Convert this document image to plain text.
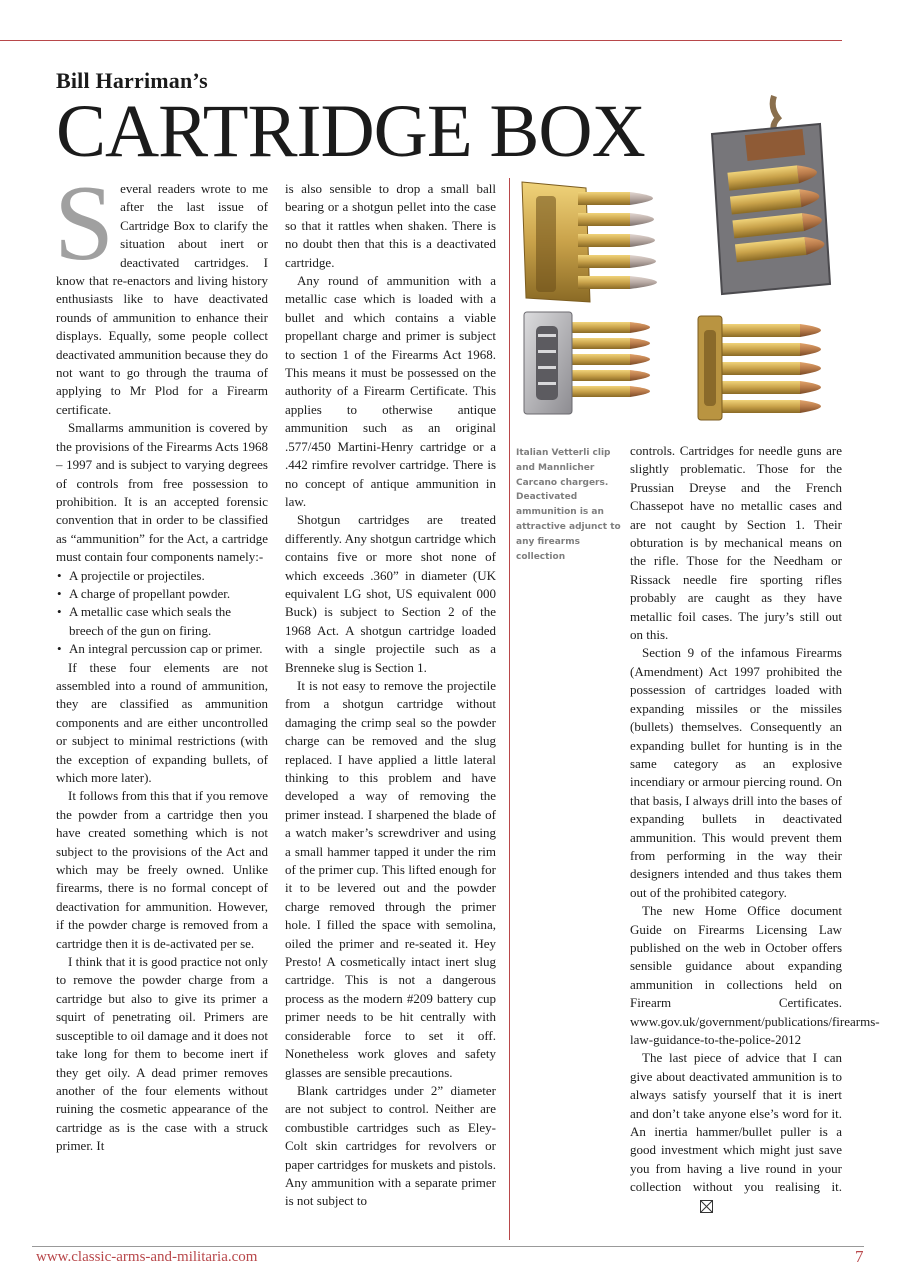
Bill Harriman’s
CARTRIDGE BOX

Several readers wrote to me after the last issue of Cartridge Box to clarify the situation about inert or deactivated cartridges. I know that re-enactors and living history enthusiasts like to have deactivated rounds of ammunition to enhance their displays. Equally, some people collect deactivated ammunition because they do not want to go through the trauma of applying to Mr Plod for a Firearm certificate.

Smallarms ammunition is covered by the provisions of the Firearms Acts 1968 – 1997 and is subject to varying degrees of controls from free possession to prohibition. It is an accepted forensic convention that in order to be classified as “ammunition” for the Act, a cartridge must contain four components namely:-

• A projectile or projectiles.
• A charge of propellant powder.
• A metallic case which seals the breech of the gun on firing.
• An integral percussion cap or primer.

If these four elements are not assembled into a round of ammunition, they are classified as ammunition components and are either uncontrolled or subject to minimal restrictions (with the exception of expanding bullets, of which more later).

It follows from this that if you remove the powder from a cartridge then you have created something which is not subject to the provisions of the Act and which may be freely owned. Unlike firearms, there is no formal concept of deactivation for ammunition. However, if the powder charge is removed from a cartridge then it is de-activated per se.

I think that it is good practice not only to remove the powder charge from a cartridge but also to give its primer a squirt of penetrating oil. Primers are susceptible to oil damage and it does not take long for them to become inert if they get oily. A dead primer removes another of the four elements without ruining the cosmetic appearance of the cartridge as is the case with a struck primer. It

is also sensible to drop a small ball bearing or a shotgun pellet into the case so that it rattles when shaken. There is no doubt then that this is a deactivated cartridge.

Any round of ammunition with a metallic case which is loaded with a bullet and which contains a viable propellant charge and primer is subject to section 1 of the Firearms Act 1968. This means it must be possessed on the authority of a Firearm Certificate. This applies to otherwise antique ammunition such as an original .577/450 Martini-Henry cartridge or a .442 rimfire revolver cartridge. There is no concept of antique ammunition in law.

Shotgun cartridges are treated differently. Any shotgun cartridge which contains five or more shot none of which exceeds .360” in diameter (UK equivalent LG shot, US equivalent 000 Buck) is subject to Section 2 of the 1968 Act. A shotgun cartridge loaded with a single projectile such as a Brenneke slug is Section 1.

It is not easy to remove the projectile from a shotgun cartridge without damaging the crimp seal so the powder charge can be removed and the slug replaced. I have applied a little lateral thinking to this problem and have developed a way of removing the primer instead. I sharpened the blade of a watch maker’s screwdriver and using a small hammer tapped it under the rim of the primer cup. This lifted enough for it to be levered out and the powder charge removed through the primer hole. I filled the space with semolina, oiled the primer and re-seated it. Hey Presto! A cosmetically intact inert slug cartridge. This is not a dangerous process as the modern #209 battery cup primer needs to be hit centrally with considerable force to set it off. Nonetheless work gloves and safety glasses are sensible precautions.

Blank cartridges under 2” diameter are not subject to control. Neither are combustible cartridges such as Eley-Colt skin cartridges for revolvers or paper cartridges for muskets and pistols. Any ammunition with a separate primer is not subject to

Italian Vetterli clip and Mannlicher Carcano chargers. Deactivated ammunition is an attractive adjunct to any firearms collection

controls. Cartridges for needle guns are slightly problematic. Those for the Prussian Dreyse and the French Chassepot have no metallic cases and are not caught by Section 1. Their obturation is by mechanical means on the rifle. Those for the Needham or Rissack needle fire sporting rifles probably are caught as they have metallic foil cases. The jury’s still out on this.

Section 9 of the infamous Firearms (Amendment) Act 1997 prohibited the possession of cartridges loaded with expanding missiles or the missiles (bullets) themselves. Consequently an expanding bullet for hunting is in the same category as an explosive incendiary or armour piercing round. On that basis, I always drill into the bases of expanding bullets in deactivated ammunition. This would prevent them from performing in the way their designers intended and thus takes them out of the prohibited category.

The new Home Office document Guide on Firearms Licensing Law published on the web in October offers sensible guidance about expanding ammunition in collections held on Firearm Certificates. www.gov.uk/government/publications/firearms-law-guidance-to-the-police-2012

The last piece of advice that I can give about deactivated ammunition is to always satisfy yourself that it is inert and don’t take anyone else’s word for it. An inertia hammer/bullet puller is a good investment which might just save you from having a live round in your collection without you realising it.

www.classic-arms-and-militaria.com	7
